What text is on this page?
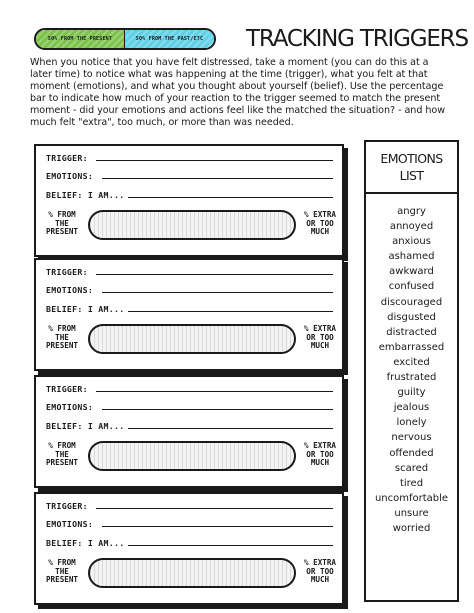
50% FROM THE PRESENT	50% FROM THE PAST/ETC TRACKING TRIGGERS
When you notice that you have felt distressed, take a moment (you can do this at a later time) to notice what was happening at the time (trigger), what you felt at that moment (emotions), and what you thought about yourself (belief). Use the percentage bar to indicate how much of your reaction to the trigger seemed to match the present moment - did your emotions and actions feel like the matched the situation? - and how much felt "extra", too much, or more than was needed.
TRIGGER:
EMOTIONS:
BELIEF: I AM...
% FROM
THE
PRESENT
% EXTRA
OR TOO
MUCH
TRIGGER:
EMOTIONS:
BELIEF: I AM...
% FROM
THE
PRESENT
% EXTRA
OR TOO
MUCH
TRIGGER:
EMOTIONS:
BELIEF: I AM...
% FROM
THE
PRESENT
% EXTRA
OR TOO
MUCH
TRIGGER:
EMOTIONS:
BELIEF: I AM...
% FROM
THE
PRESENT
% EXTRA
OR TOO
MUCH
EMOTIONS
LIST
angry
annoyed
anxious
ashamed
awkward
confused
discouraged
disgusted
distracted
embarrassed
excited
frustrated
guilty
jealous
lonely
nervous
offended
scared
tired
uncomfortable
unsure
worried
